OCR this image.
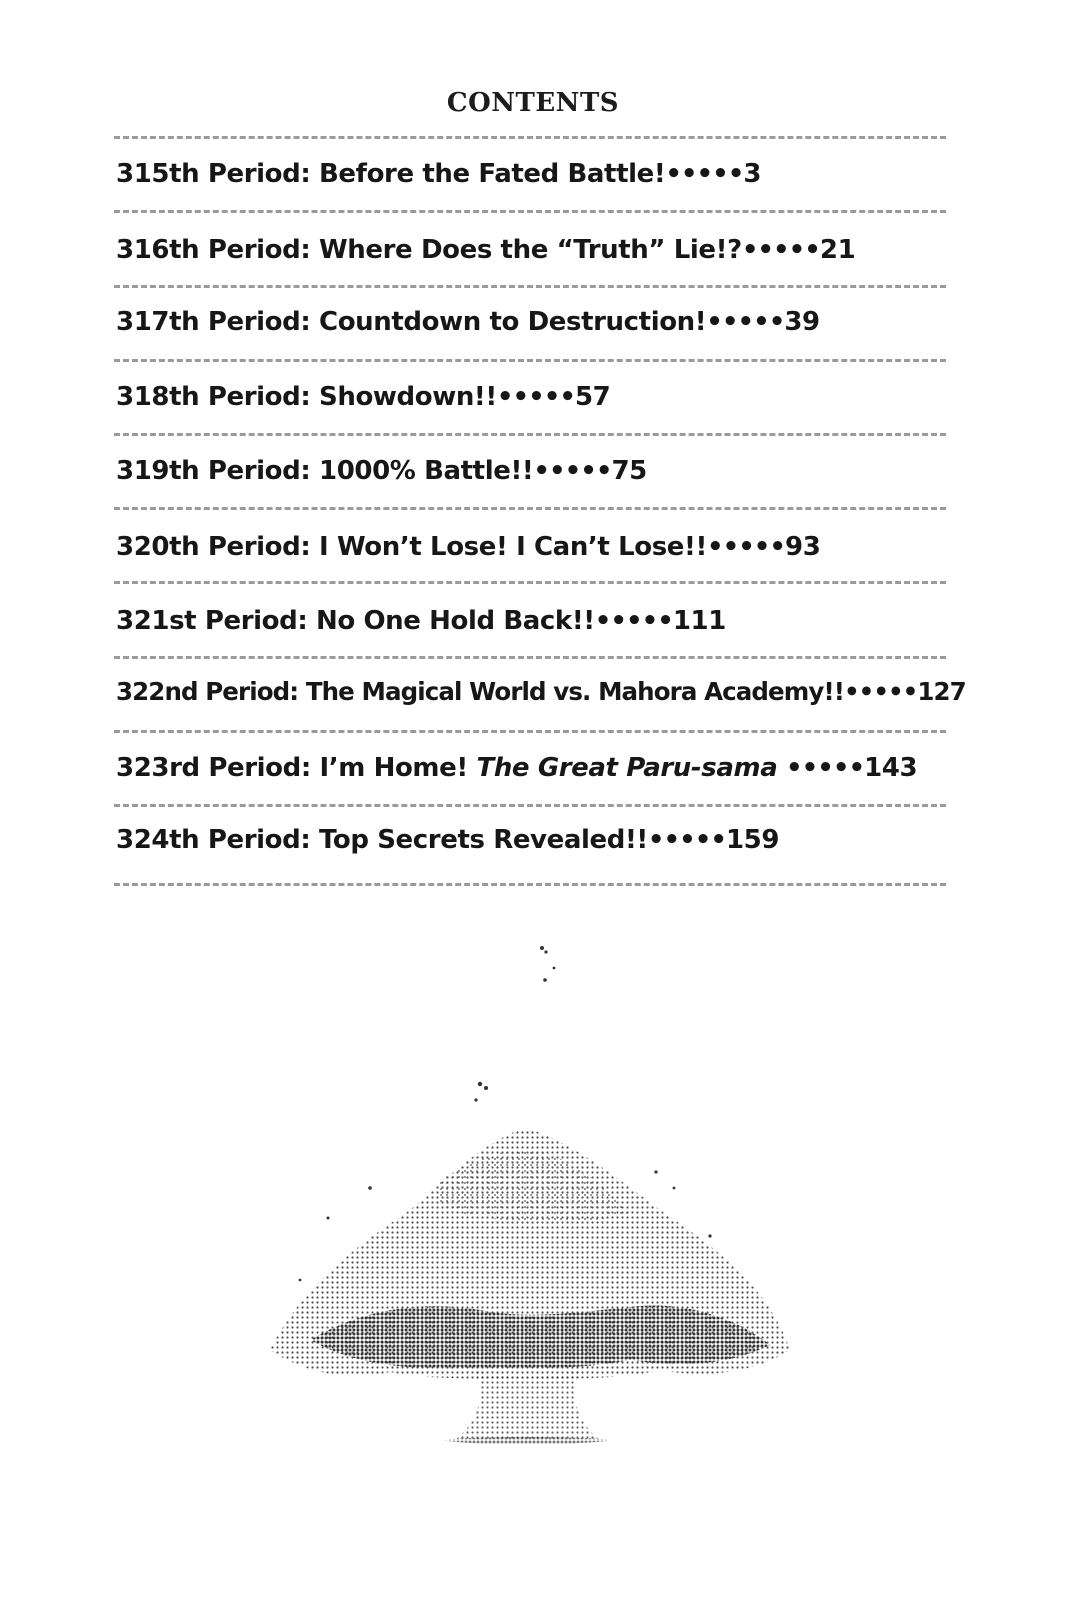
CONTENTS
315th Period: Before the Fated Battle!•••••3
316th Period: Where Does the “Truth” Lie!?•••••21
317th Period: Countdown to Destruction!•••••39
318th Period: Showdown!!•••••57
319th Period: 1000% Battle!!•••••75
320th Period: I Won’t Lose! I Can’t Lose!!•••••93
321st Period: No One Hold Back!!•••••111
322nd Period: The Magical World vs. Mahora Academy!!•••••127
323rd Period: I’m Home! The Great Paru-sama •••••143
324th Period: Top Secrets Revealed!!•••••159
